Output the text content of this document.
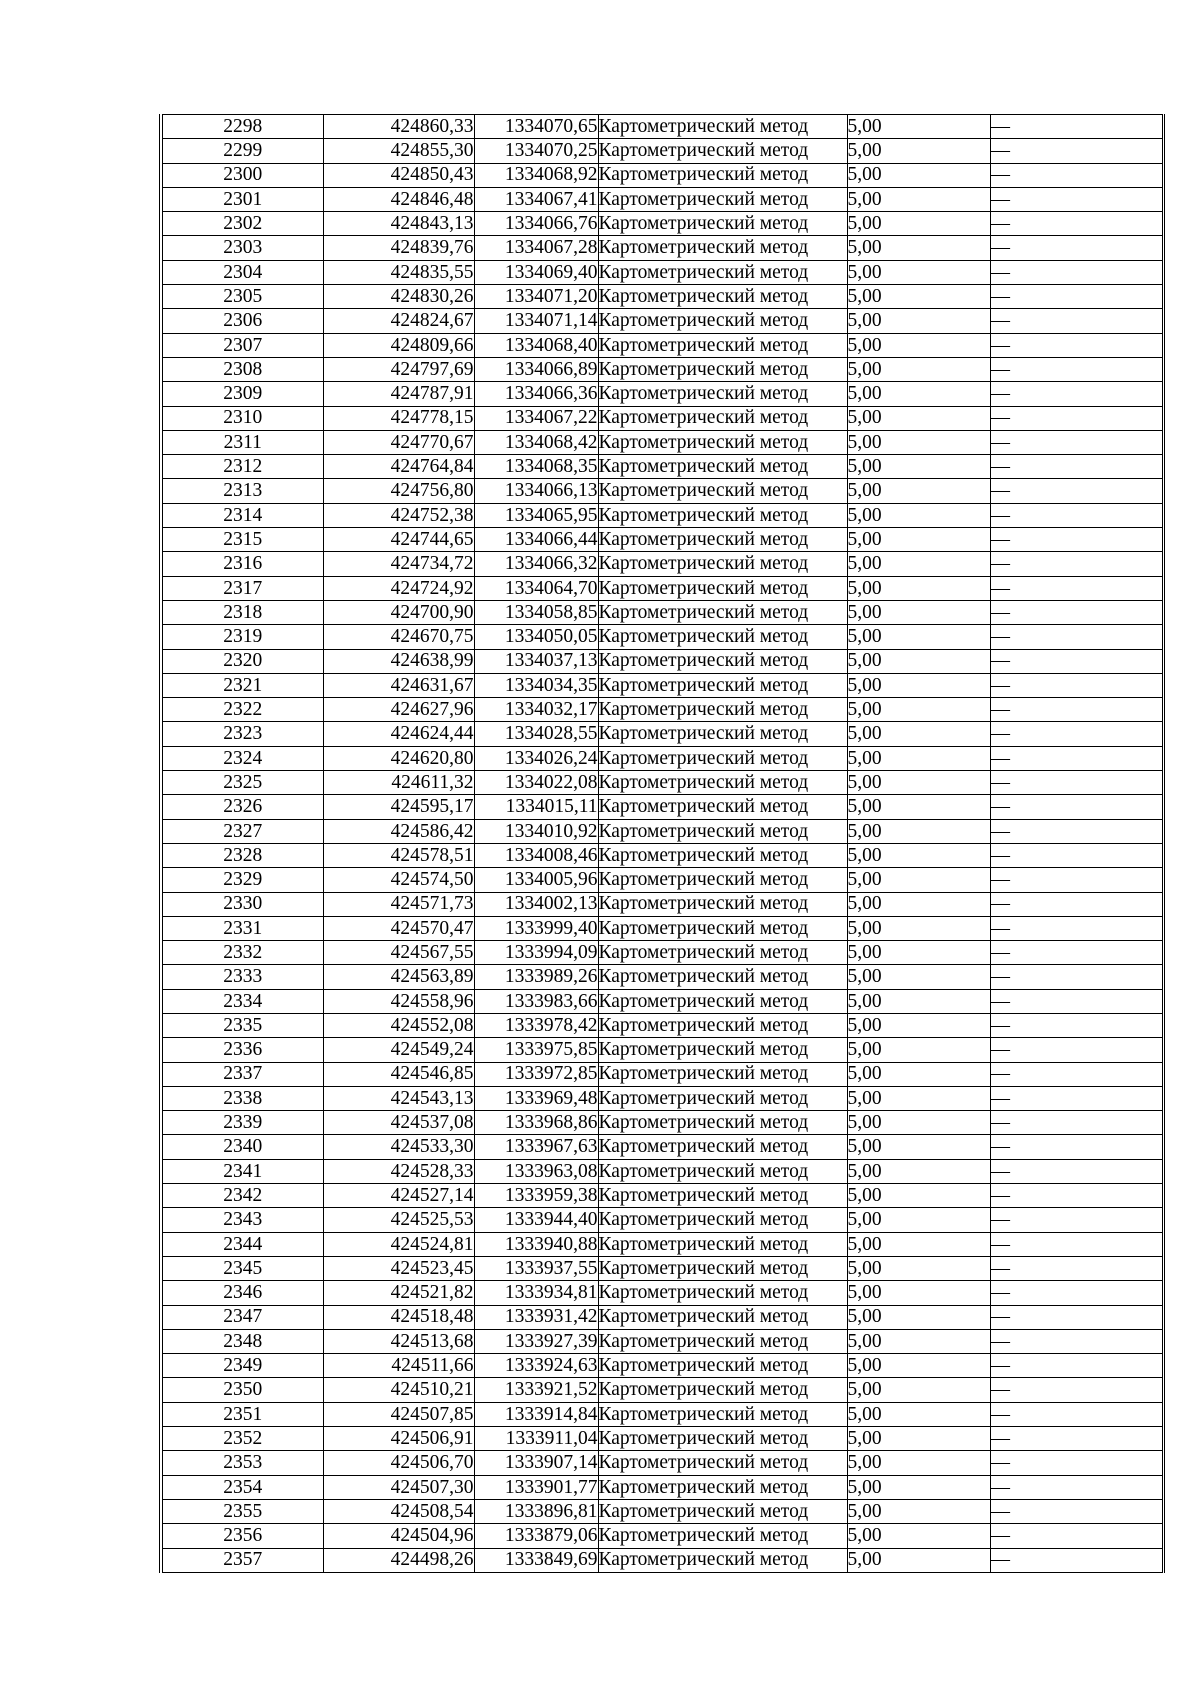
2298	424860,33	1334070,65	Картометрический метод	5,00	—
2299	424855,30	1334070,25	Картометрический метод	5,00	—
2300	424850,43	1334068,92	Картометрический метод	5,00	—
2301	424846,48	1334067,41	Картометрический метод	5,00	—
2302	424843,13	1334066,76	Картометрический метод	5,00	—
2303	424839,76	1334067,28	Картометрический метод	5,00	—
2304	424835,55	1334069,40	Картометрический метод	5,00	—
2305	424830,26	1334071,20	Картометрический метод	5,00	—
2306	424824,67	1334071,14	Картометрический метод	5,00	—
2307	424809,66	1334068,40	Картометрический метод	5,00	—
2308	424797,69	1334066,89	Картометрический метод	5,00	—
2309	424787,91	1334066,36	Картометрический метод	5,00	—
2310	424778,15	1334067,22	Картометрический метод	5,00	—
2311	424770,67	1334068,42	Картометрический метод	5,00	—
2312	424764,84	1334068,35	Картометрический метод	5,00	—
2313	424756,80	1334066,13	Картометрический метод	5,00	—
2314	424752,38	1334065,95	Картометрический метод	5,00	—
2315	424744,65	1334066,44	Картометрический метод	5,00	—
2316	424734,72	1334066,32	Картометрический метод	5,00	—
2317	424724,92	1334064,70	Картометрический метод	5,00	—
2318	424700,90	1334058,85	Картометрический метод	5,00	—
2319	424670,75	1334050,05	Картометрический метод	5,00	—
2320	424638,99	1334037,13	Картометрический метод	5,00	—
2321	424631,67	1334034,35	Картометрический метод	5,00	—
2322	424627,96	1334032,17	Картометрический метод	5,00	—
2323	424624,44	1334028,55	Картометрический метод	5,00	—
2324	424620,80	1334026,24	Картометрический метод	5,00	—
2325	424611,32	1334022,08	Картометрический метод	5,00	—
2326	424595,17	1334015,11	Картометрический метод	5,00	—
2327	424586,42	1334010,92	Картометрический метод	5,00	—
2328	424578,51	1334008,46	Картометрический метод	5,00	—
2329	424574,50	1334005,96	Картометрический метод	5,00	—
2330	424571,73	1334002,13	Картометрический метод	5,00	—
2331	424570,47	1333999,40	Картометрический метод	5,00	—
2332	424567,55	1333994,09	Картометрический метод	5,00	—
2333	424563,89	1333989,26	Картометрический метод	5,00	—
2334	424558,96	1333983,66	Картометрический метод	5,00	—
2335	424552,08	1333978,42	Картометрический метод	5,00	—
2336	424549,24	1333975,85	Картометрический метод	5,00	—
2337	424546,85	1333972,85	Картометрический метод	5,00	—
2338	424543,13	1333969,48	Картометрический метод	5,00	—
2339	424537,08	1333968,86	Картометрический метод	5,00	—
2340	424533,30	1333967,63	Картометрический метод	5,00	—
2341	424528,33	1333963,08	Картометрический метод	5,00	—
2342	424527,14	1333959,38	Картометрический метод	5,00	—
2343	424525,53	1333944,40	Картометрический метод	5,00	—
2344	424524,81	1333940,88	Картометрический метод	5,00	—
2345	424523,45	1333937,55	Картометрический метод	5,00	—
2346	424521,82	1333934,81	Картометрический метод	5,00	—
2347	424518,48	1333931,42	Картометрический метод	5,00	—
2348	424513,68	1333927,39	Картометрический метод	5,00	—
2349	424511,66	1333924,63	Картометрический метод	5,00	—
2350	424510,21	1333921,52	Картометрический метод	5,00	—
2351	424507,85	1333914,84	Картометрический метод	5,00	—
2352	424506,91	1333911,04	Картометрический метод	5,00	—
2353	424506,70	1333907,14	Картометрический метод	5,00	—
2354	424507,30	1333901,77	Картометрический метод	5,00	—
2355	424508,54	1333896,81	Картометрический метод	5,00	—
2356	424504,96	1333879,06	Картометрический метод	5,00	—
2357	424498,26	1333849,69	Картометрический метод	5,00	—
